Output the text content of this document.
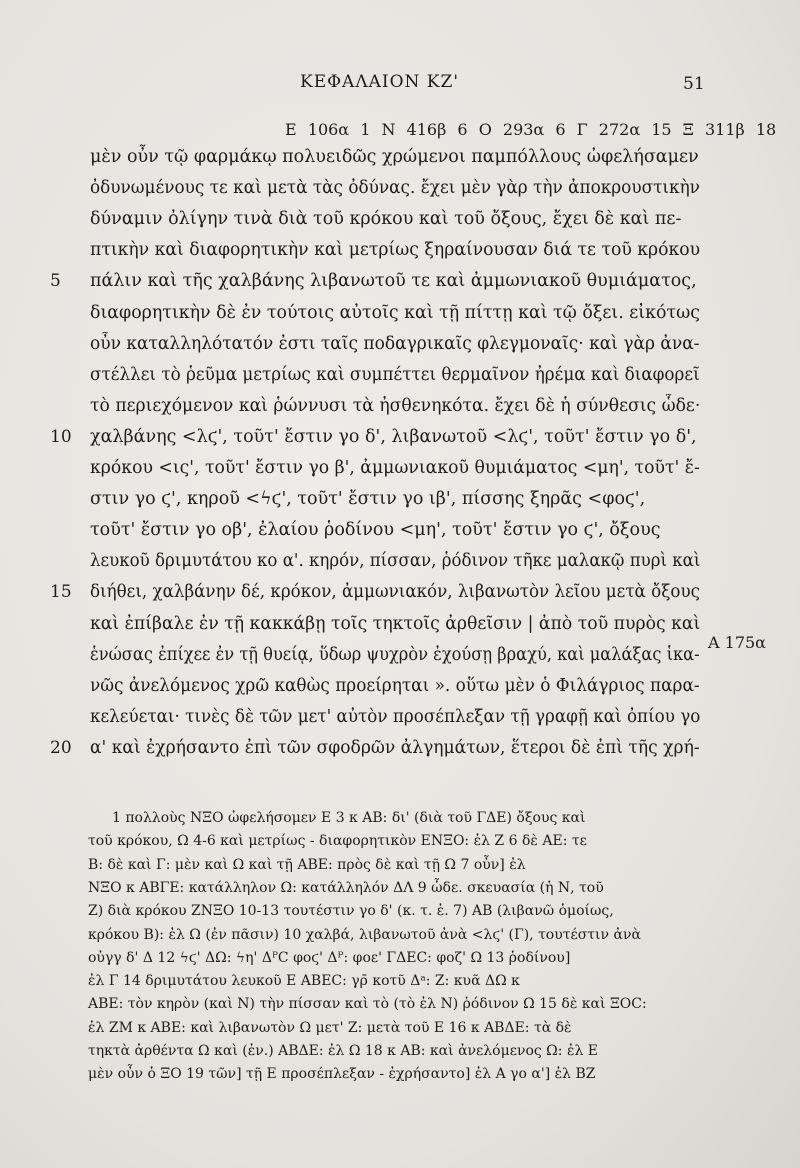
ΚΕΦΑΛΑΙΟΝ ΚΖ'	51
Ε 106α 1 Ν 416β 6 Ο 293α 6 Γ 272α 15 Ξ 311β 18
μὲν οὖν τῷ φαρμάκῳ πολυειδῶς χρώμενοι παμπόλλους ὠφελήσαμεν
ὀδυνωμένους τε καὶ μετὰ τὰς ὀδύνας. ἔχει μὲν γὰρ τὴν ἀποκρουστικὴν
δύναμιν ὀλίγην τινὰ διὰ τοῦ κρόκου καὶ τοῦ ὄξους, ἔχει δὲ καὶ πε-
πτικὴν καὶ διαφορητικὴν καὶ μετρίως ξηραίνουσαν διά τε τοῦ κρόκου
πάλιν καὶ τῆς χαλβάνης λιβανωτοῦ τε καὶ ἀμμωνιακοῦ θυμιάματος,
διαφορητικὴν δὲ ἐν τούτοις αὐτοῖς καὶ τῇ πίττῃ καὶ τῷ ὄξει. εἰκότως
οὖν καταλληλότατόν ἐστι ταῖς ποδαγρικαῖς φλεγμοναῖς· καὶ γὰρ ἀνα-
στέλλει τὸ ῥεῦμα μετρίως καὶ συμπέττει θερμαῖνον ἠρέμα καὶ διαφορεῖ
τὸ περιεχόμενον καὶ ῥώννυσι τὰ ἠσθενηκότα. ἔχει δὲ ἡ σύνθεσις ὧδε·
χαλβάνης <λϛ', τοῦτ' ἔστιν γο δ', λιβανωτοῦ <λϛ', τοῦτ' ἔστιν γο δ',
κρόκου <ις', τοῦτ' ἔστιν γο β', ἀμμωνιακοῦ θυμιάματος <μη', τοῦτ' ἔ-
στιν γο ϛ', κηροῦ <ϟϛ', τοῦτ' ἔστιν γο ιβ', πίσσης ξηρᾶς <φοϛ',
τοῦτ' ἔστιν γο οβ', ἐλαίου ῥοδίνου <μη', τοῦτ' ἔστιν γο ϛ', ὄξους
λευκοῦ δριμυτάτου κο α'. κηρόν, πίσσαν, ῥόδινον τῆκε μαλακῷ πυρὶ καὶ
διήθει, χαλβάνην δέ, κρόκον, ἀμμωνιακόν, λιβανωτὸν λεῖου μετὰ ὄξους
καὶ ἐπίβαλε ἐν τῇ κακκάβῃ τοῖς τηκτοῖς ἀρθεῖσιν | ἀπὸ τοῦ πυρὸς καὶ
ἑνώσας ἐπίχεε ἐν τῇ θυείᾳ, ὕδωρ ψυχρὸν ἐχούσῃ βραχύ, καὶ μαλάξας ἱκα-
νῶς ἀνελόμενος χρῶ καθὼς προείρηται ». οὕτω μὲν ὁ Φιλάγριος παρα-
κελεύεται· τινὲς δὲ τῶν μετ' αὐτὸν προσέπλεξαν τῇ γραφῇ καὶ ὀπίου γο
α' καὶ ἐχρήσαντο ἐπὶ τῶν σφοδρῶν ἀλγημάτων, ἕτεροι δὲ ἐπὶ τῆς χρή-
5
10
15
20
Α 175α
1 πολλοὺς ΝΞΟ ὠφελήσομεν Ε 3 κ ΑΒ: δι' (διὰ τοῦ ΓΔΕ) ὄξους καὶ
τοῦ κρόκου, Ω 4-6 καὶ μετρίως - διαφορητικὸν ΕΝΞΟ: ἐλ Ζ 6 δὲ ΑΕ: τε
Β: δὲ καὶ Γ: μὲν καὶ Ω καὶ τῇ ΑΒΕ: πρὸς δὲ καὶ τῇ Ω 7 οὖν] ἐλ
ΝΞΟ κ ΑΒΓΕ: κατάλληλον Ω: κατάλληλόν ΔΛ 9 ὧδε. σκευασία (ἡ Ν, τοῦ
Ζ) διὰ κρόκου ΖΝΞΟ 10-13 τουτέστιν γο δ' (κ. τ. ἑ. 7) ΑΒ (λιβανῶ ὁμοίως,
κρόκου Β): ἐλ Ω (ἐν πᾶσιν) 10 χαλβά, λιβανωτοῦ ἀνὰ <λϛ' (Γ), τουτέστιν ἀνὰ
οὐγγ δ' Δ 12 ϟϛ' ΔΩ: ϟη' ΔᴾC φοϛ' Δᴾ: φοε' ΓΔΕC: φοζ' Ω 13 ῥοδίνου]
ἐλ Γ 14 δριμυτάτου λευκοῦ Ε ΑΒΕC: γρ̄ κοτῦ Δᵃ: Ζ: κυᾶ ΔΩ κ
ΑΒΕ: τὸν κηρὸν (καὶ Ν) τὴν πίσσαν καὶ τὸ (τὸ ἐλ Ν) ῥόδινον Ω 15 δὲ καὶ ΞΟC:
ἐλ ΖΜ κ ΑΒΕ: καὶ λιβανωτὸν Ω μετ' Ζ: μετὰ τοῦ Ε 16 κ ΑΒΔΕ: τὰ δὲ
τηκτὰ ἀρθέντα Ω καὶ (ἐν.) ΑΒΔΕ: ἐλ Ω 18 κ ΑΒ: καὶ ἀνελόμενος Ω: ἐλ Ε
μὲν οὖν ὁ ΞΟ 19 τῶν] τῇ Ε προσέπλεξαν - ἐχρήσαντο] ἐλ Α γο α'] ἐλ ΒΖ
